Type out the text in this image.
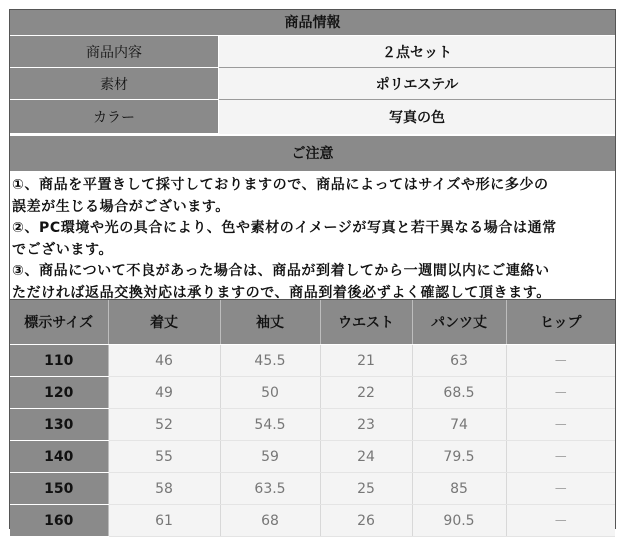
商品情報
商品内容	２点セット
素材	ポリエステル
カラー	写真の色
ご注意
①、商品を平置きして採寸しておりますので、商品によってはサイズや形に多少の
誤差が生じる場合がございます。
②、PC環境や光の具合により、色や素材のイメージが写真と若干異なる場合は通常
でございます。
③、商品について不良があった場合は、商品が到着してから一週間以内にご連絡い
ただければ返品交換対応は承りますので、商品到着後必ずよく確認して頂きます。
標示サイズ	着丈	袖丈	ウエスト	パンツ丈	ヒップ
110	46	45.5	21	63	－
120	49	50	22	68.5	－
130	52	54.5	23	74	－
140	55	59	24	79.5	－
150	58	63.5	25	85	－
160	61	68	26	90.5	－
